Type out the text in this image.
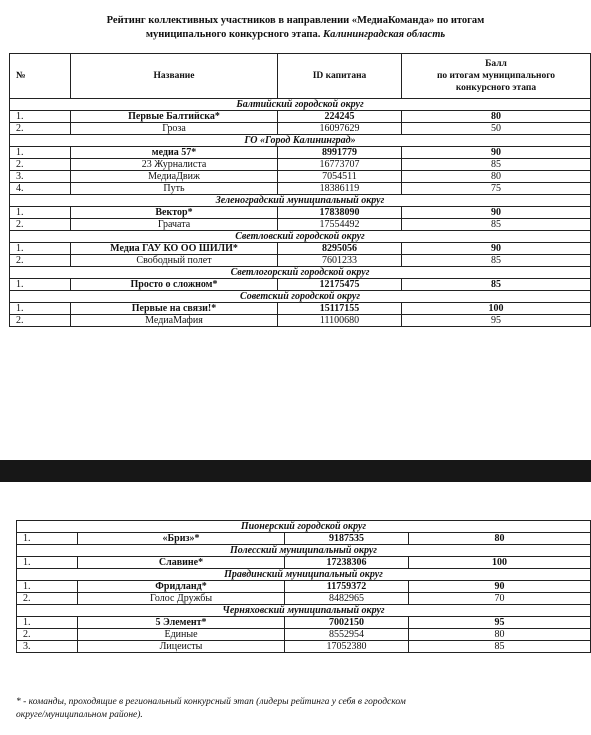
Рейтинг коллективных участников в направлении «МедиаКоманда» по итогам
муниципального конкурсного этапа. Калининградская область
№	Название	ID капитана	Балл
по итогам муниципального
конкурсного этапа

Балтийский городской округ			
1.	Первые Балтийска*	224245	80
2.	Гроза	16097629	50
ГО «Город Калининград»			
1.	медиа 57*	8991779	90
2.	23 Журналиста	16773707	85
3.	МедиаДвиж	7054511	80
4.	Путь	18386119	75
Зеленоградский муниципальный округ			
1.	Вектор*	17838090	90
2.	Грачата	17554492	85
Светловский городской округ			
1.	Медиа ГАУ КО ОО ШИЛИ*	8295056	90
2.	Свободный полет	7601233	85
Светлогорский городской округ			
1.	Просто о сложном*	12175475	85
Советский городской округ			
1.	Первые на связи!*	15117155	100
2.	МедиаМафия	11100680	95
Пионерский городской округ			
1.	«Бриз»*	9187535	80
Полесский муниципальный округ			
1.	Славине*	17238306	100
Правдинский муниципальный округ			
1.	Фридланд*	11759372	90
2.	Голос Дружбы	8482965	70
Черняховский муниципальный округ			
1.	5 Элемент*	7002150	95
2.	Единые	8552954	80
3.	Лицеисты	17052380	85
* - команды, проходящие в региональный конкурсный этап (лидеры рейтинга у себя в городском
округе/муниципальном районе).
